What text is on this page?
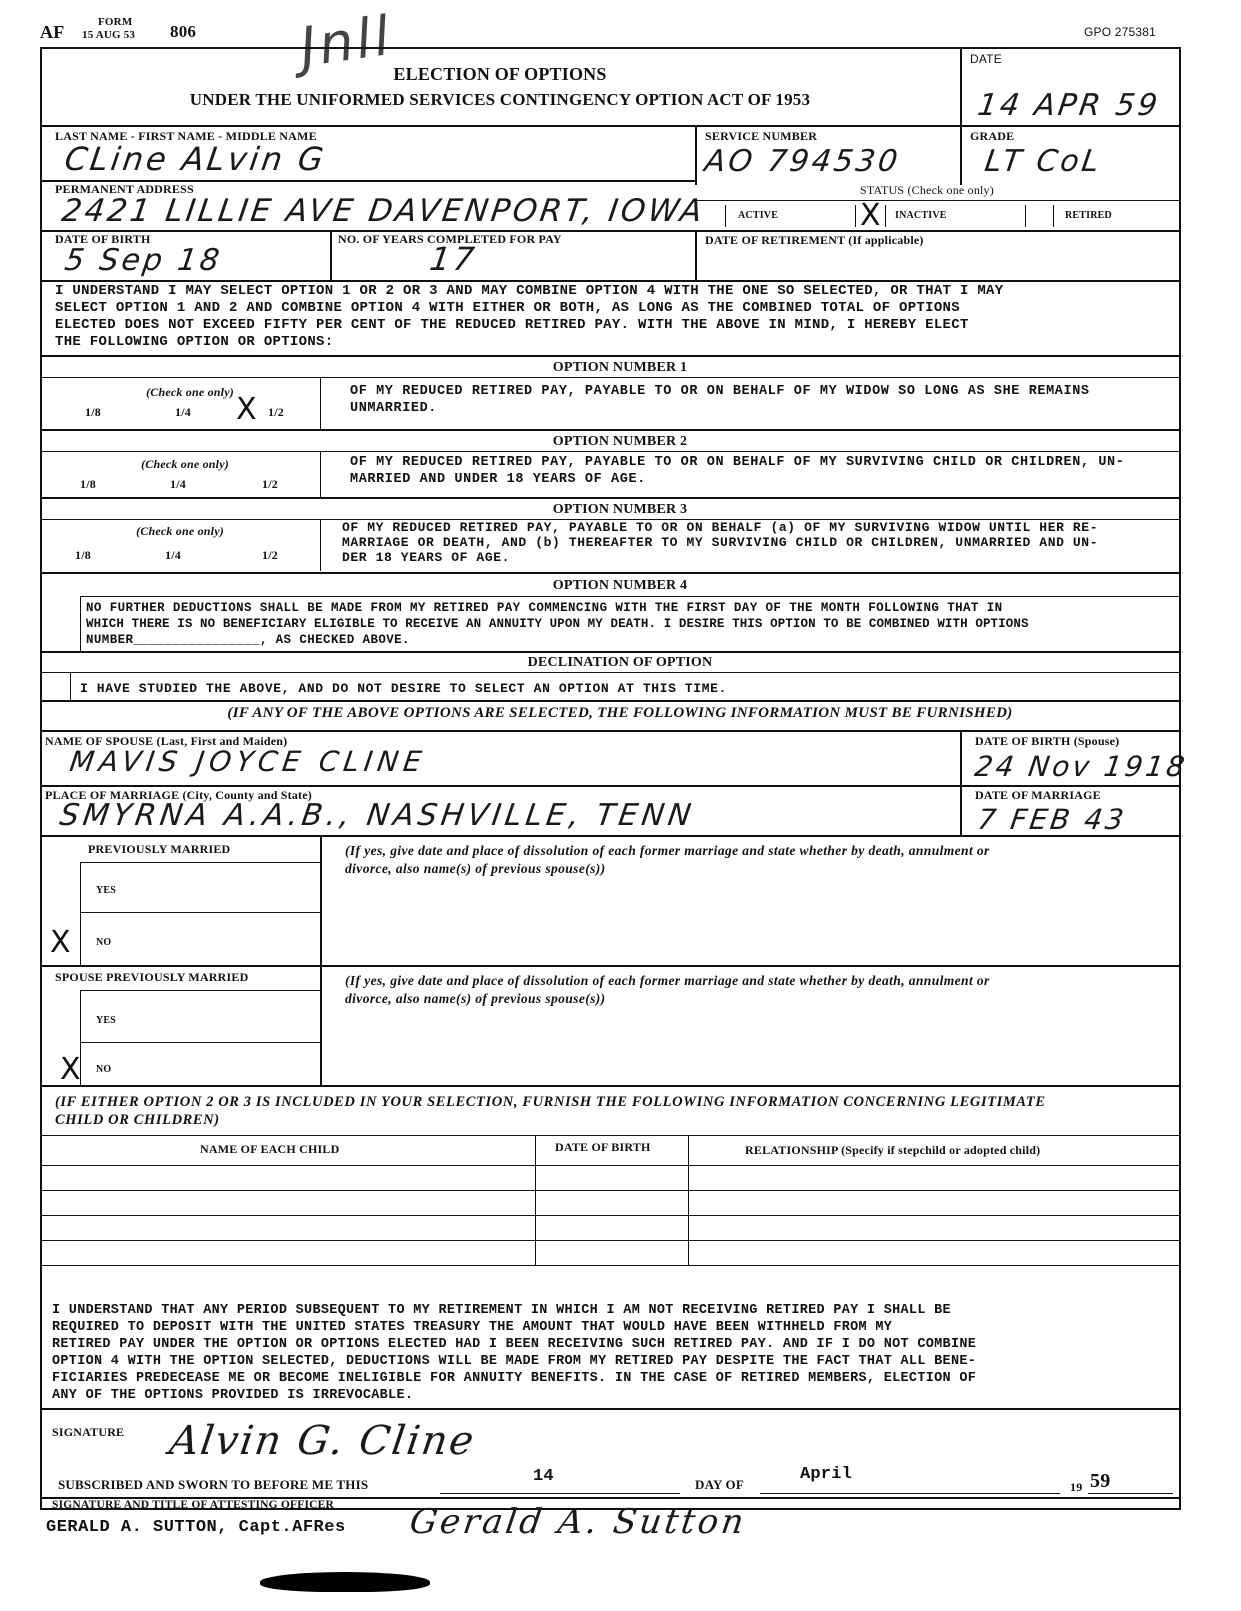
AF	FORM
15 AUG 53 806	GPO 275381
Jnll
ELECTION OF OPTIONS
UNDER THE UNIFORMED SERVICES CONTINGENCY OPTION ACT OF 1953
DATE
14 APR 59
LAST NAME - FIRST NAME - MIDDLE NAME
CLine ALvin G
SERVICE NUMBER
AO 794530
GRADE
LT CoL
PERMANENT ADDRESS
2421 LILLIE AVE DAVENPORT, IOWA
STATUS (Check one only)
ACTIVE	X INACTIVE	RETIRED
DATE OF BIRTH
5 Sep 18
NO. OF YEARS COMPLETED FOR PAY
17	DATE OF RETIREMENT (If applicable)
I UNDERSTAND I MAY SELECT OPTION 1 OR 2 OR 3 AND MAY COMBINE OPTION 4 WITH THE ONE SO SELECTED, OR THAT I MAY
SELECT OPTION 1 AND 2 AND COMBINE OPTION 4 WITH EITHER OR BOTH, AS LONG AS THE COMBINED TOTAL OF OPTIONS
ELECTED DOES NOT EXCEED FIFTY PER CENT OF THE REDUCED RETIRED PAY. WITH THE ABOVE IN MIND, I HEREBY ELECT
THE FOLLOWING OPTION OR OPTIONS:
OPTION NUMBER 1
(Check one only)
1/8	1/4 X 1/2
OF MY REDUCED RETIRED PAY, PAYABLE TO OR ON BEHALF OF MY WIDOW SO LONG AS SHE REMAINS
UNMARRIED.
OPTION NUMBER 2
(Check one only)
1/8	1/4	1/2
OF MY REDUCED RETIRED PAY, PAYABLE TO OR ON BEHALF OF MY SURVIVING CHILD OR CHILDREN, UN-
MARRIED AND UNDER 18 YEARS OF AGE.
OPTION NUMBER 3
(Check one only)
1/8	1/4	1/2
OF MY REDUCED RETIRED PAY, PAYABLE TO OR ON BEHALF (a) OF MY SURVIVING WIDOW UNTIL HER RE-
MARRIAGE OR DEATH, AND (b) THEREAFTER TO MY SURVIVING CHILD OR CHILDREN, UNMARRIED AND UN-
DER 18 YEARS OF AGE.
OPTION NUMBER 4
NO FURTHER DEDUCTIONS SHALL BE MADE FROM MY RETIRED PAY COMMENCING WITH THE FIRST DAY OF THE MONTH FOLLOWING THAT IN
WHICH THERE IS NO BENEFICIARY ELIGIBLE TO RECEIVE AN ANNUITY UPON MY DEATH. I DESIRE THIS OPTION TO BE COMBINED WITH OPTIONS
NUMBER________________, AS CHECKED ABOVE.
DECLINATION OF OPTION
I HAVE STUDIED THE ABOVE, AND DO NOT DESIRE TO SELECT AN OPTION AT THIS TIME.
(IF ANY OF THE ABOVE OPTIONS ARE SELECTED, THE FOLLOWING INFORMATION MUST BE FURNISHED)
NAME OF SPOUSE (Last, First and Maiden)
MAVIS JOYCE CLINE
DATE OF BIRTH (Spouse)
24 Nov 1918
PLACE OF MARRIAGE (City, County and State)
SMYRNA A.A.B., NASHVILLE, TENN
DATE OF MARRIAGE
7 FEB 43
PREVIOUSLY MARRIED
YES
X	NO
(If yes, give date and place of dissolution of each former marriage and state whether by death, annulment or
divorce, also name(s) of previous spouse(s))
SPOUSE PREVIOUSLY MARRIED
YES
X NO
(If yes, give date and place of dissolution of each former marriage and state whether by death, annulment or
divorce, also name(s) of previous spouse(s))
(IF EITHER OPTION 2 OR 3 IS INCLUDED IN YOUR SELECTION, FURNISH THE FOLLOWING INFORMATION CONCERNING LEGITIMATE
CHILD OR CHILDREN)
NAME OF EACH CHILD	DATE OF BIRTH	RELATIONSHIP (Specify if stepchild or adopted child)
I UNDERSTAND THAT ANY PERIOD SUBSEQUENT TO MY RETIREMENT IN WHICH I AM NOT RECEIVING RETIRED PAY I SHALL BE
REQUIRED TO DEPOSIT WITH THE UNITED STATES TREASURY THE AMOUNT THAT WOULD HAVE BEEN WITHHELD FROM MY
RETIRED PAY UNDER THE OPTION OR OPTIONS ELECTED HAD I BEEN RECEIVING SUCH RETIRED PAY. AND IF I DO NOT COMBINE
OPTION 4 WITH THE OPTION SELECTED, DEDUCTIONS WILL BE MADE FROM MY RETIRED PAY DESPITE THE FACT THAT ALL BENE-
FICIARIES PREDECEASE ME OR BECOME INELIGIBLE FOR ANNUITY BENEFITS. IN THE CASE OF RETIRED MEMBERS, ELECTION OF
ANY OF THE OPTIONS PROVIDED IS IRREVOCABLE.
SIGNATURE Alvin G. Cline
SUBSCRIBED AND SWORN TO BEFORE ME THIS	14	DAY OF
April
19 59
SIGNATURE AND TITLE OF ATTESTING OFFICER
GERALD A. SUTTON, Capt.AFRes Gerald A. Sutton
